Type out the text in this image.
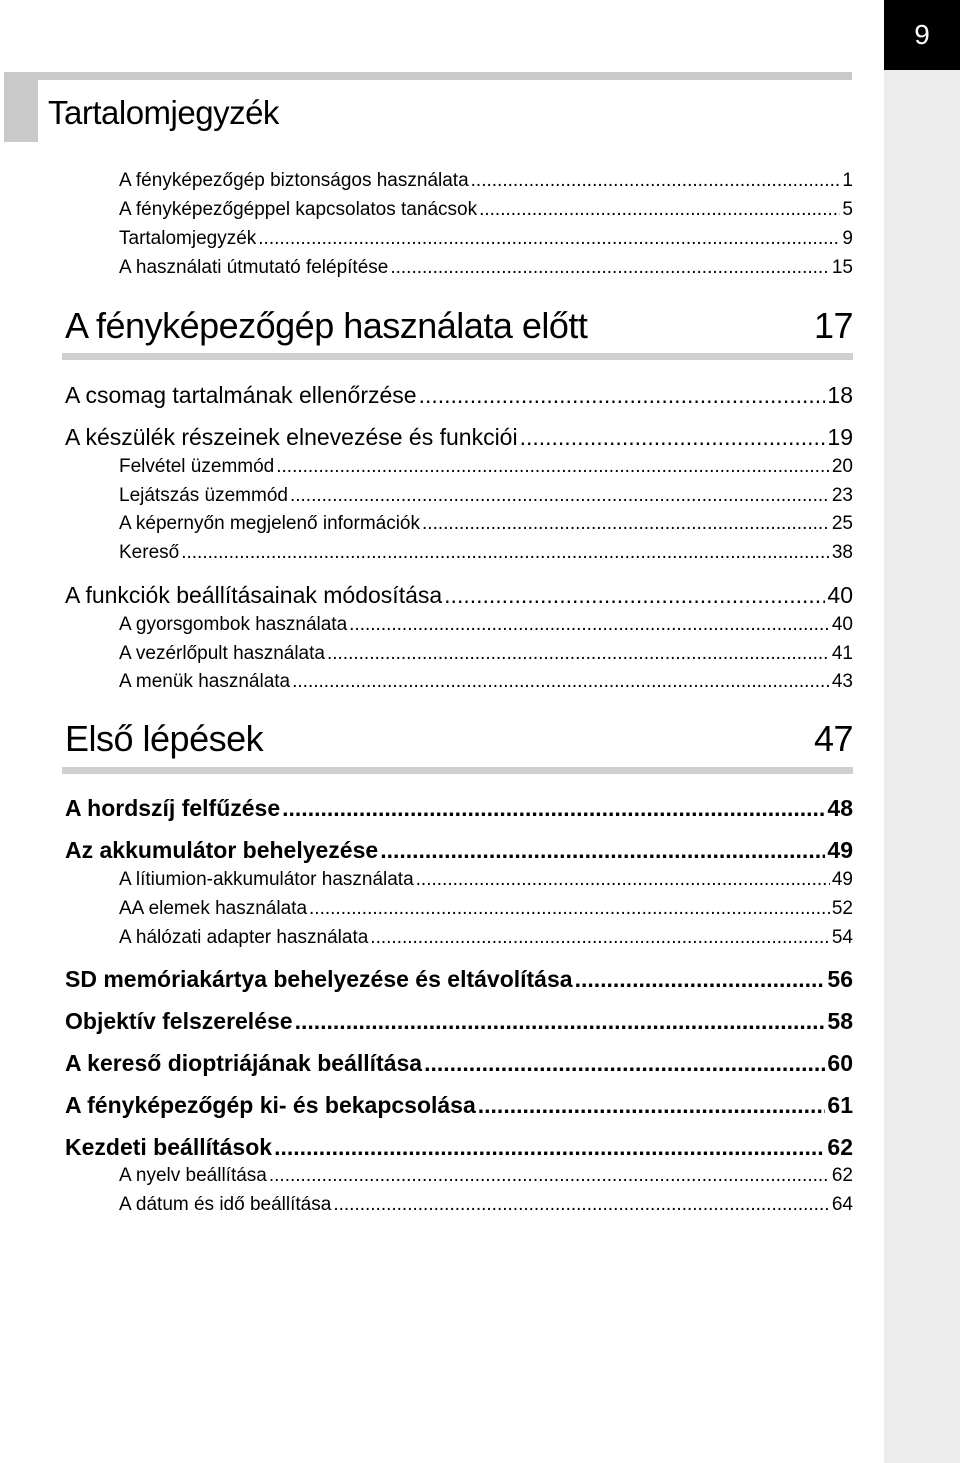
9
Tartalomjegyzék
A fényképezőgép biztonságos használata .....	1
A fényképezőgéppel kapcsolatos tanácsok .....	5
Tartalomjegyzék .....	9
A használati útmutató felépítése .....	15
A fényképezőgép használata előtt	17
A csomag tartalmának ellenőrzése .....	18
A készülék részeinek elnevezése és funkciói .....	19
Felvétel üzemmód .....	20
Lejátszás üzemmód .....	23
A képernyőn megjelenő információk .....	25
Kereső .....	38
A funkciók beállításainak módosítása .....	40
A gyorsgombok használata .....	40
A vezérlőpult használata .....	41
A menük használata .....	43
Első lépések	47
A hordszíj felfűzése .....	48
Az akkumulátor behelyezése .....	49
A lítiumion-akkumulátor használata .....	49
AA elemek használata .....	52
A hálózati adapter használata .....	54
SD memóriakártya behelyezése és eltávolítása .....	56
Objektív felszerelése .....	58
A kereső dioptriájának beállítása .....	60
A fényképezőgép ki- és bekapcsolása .....	61
Kezdeti beállítások .....	62
A nyelv beállítása .....	62
A dátum és idő beállítása .....	64
